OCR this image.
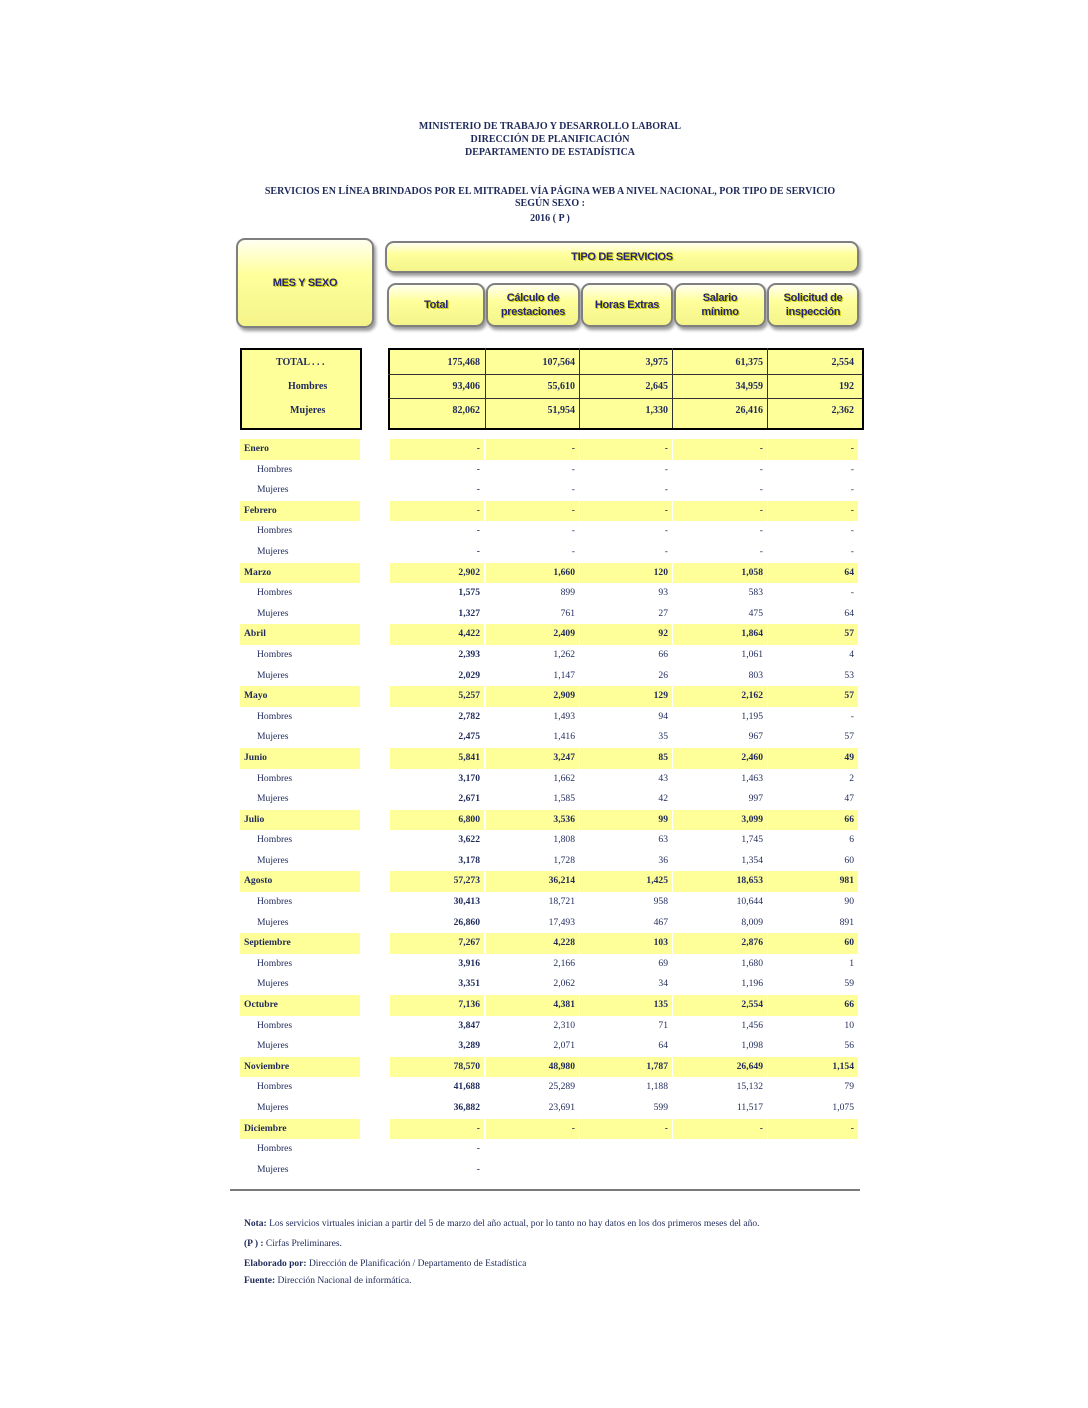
MINISTERIO DE TRABAJO Y DESARROLLO LABORAL
DIRECCIÓN DE PLANIFICACIÓN
DEPARTAMENTO DE ESTADÍSTICA
SERVICIOS EN LÍNEA BRINDADOS POR EL MITRADEL VÍA PÁGINA WEB A NIVEL NACIONAL, POR TIPO DE SERVICIO
SEGÚN SEXO :
2016 ( P )
MES Y SEXO
TIPO DE SERVICIOS
Total
Cálculo de prestaciones
Horas Extras
Salario mínimo
Solicitud de inspección
TOTAL . . .	175,468	107,564	3,975	61,375	2,554
Hombres	93,406	55,610	2,645	34,959	192
Mujeres	82,062	51,954	1,330	26,416	2,362
Enero	-	-	-	-	-
Hombres	-	-	-	-	-
Mujeres	-	-	-	-	-
Febrero	-	-	-	-	-
Hombres	-	-	-	-	-
Mujeres	-	-	-	-	-
Marzo	2,902	1,660	120	1,058	64
Hombres	1,575	899	93	583	-
Mujeres	1,327	761	27	475	64
Abril	4,422	2,409	92	1,864	57
Hombres	2,393	1,262	66	1,061	4
Mujeres	2,029	1,147	26	803	53
Mayo	5,257	2,909	129	2,162	57
Hombres	2,782	1,493	94	1,195	-
Mujeres	2,475	1,416	35	967	57
Junio	5,841	3,247	85	2,460	49
Hombres	3,170	1,662	43	1,463	2
Mujeres	2,671	1,585	42	997	47
Julio	6,800	3,536	99	3,099	66
Hombres	3,622	1,808	63	1,745	6
Mujeres	3,178	1,728	36	1,354	60
Agosto	57,273	36,214	1,425	18,653	981
Hombres	30,413	18,721	958	10,644	90
Mujeres	26,860	17,493	467	8,009	891
Septiembre	7,267	4,228	103	2,876	60
Hombres	3,916	2,166	69	1,680	1
Mujeres	3,351	2,062	34	1,196	59
Octubre	7,136	4,381	135	2,554	66
Hombres	3,847	2,310	71	1,456	10
Mujeres	3,289	2,071	64	1,098	56
Noviembre	78,570	48,980	1,787	26,649	1,154
Hombres	41,688	25,289	1,188	15,132	79
Mujeres	36,882	23,691	599	11,517	1,075
Diciembre	-	-	-	-	-
Hombres	-
Mujeres	-
Nota: Los servicios virtuales inician a partir del 5 de marzo del año actual, por lo tanto no hay datos en los dos primeros meses del año.
(P ) : Cirfas Preliminares.
Elaborado por: Dirección de Planificación / Departamento de Estadística
Fuente: Dirección Nacional de informática.
